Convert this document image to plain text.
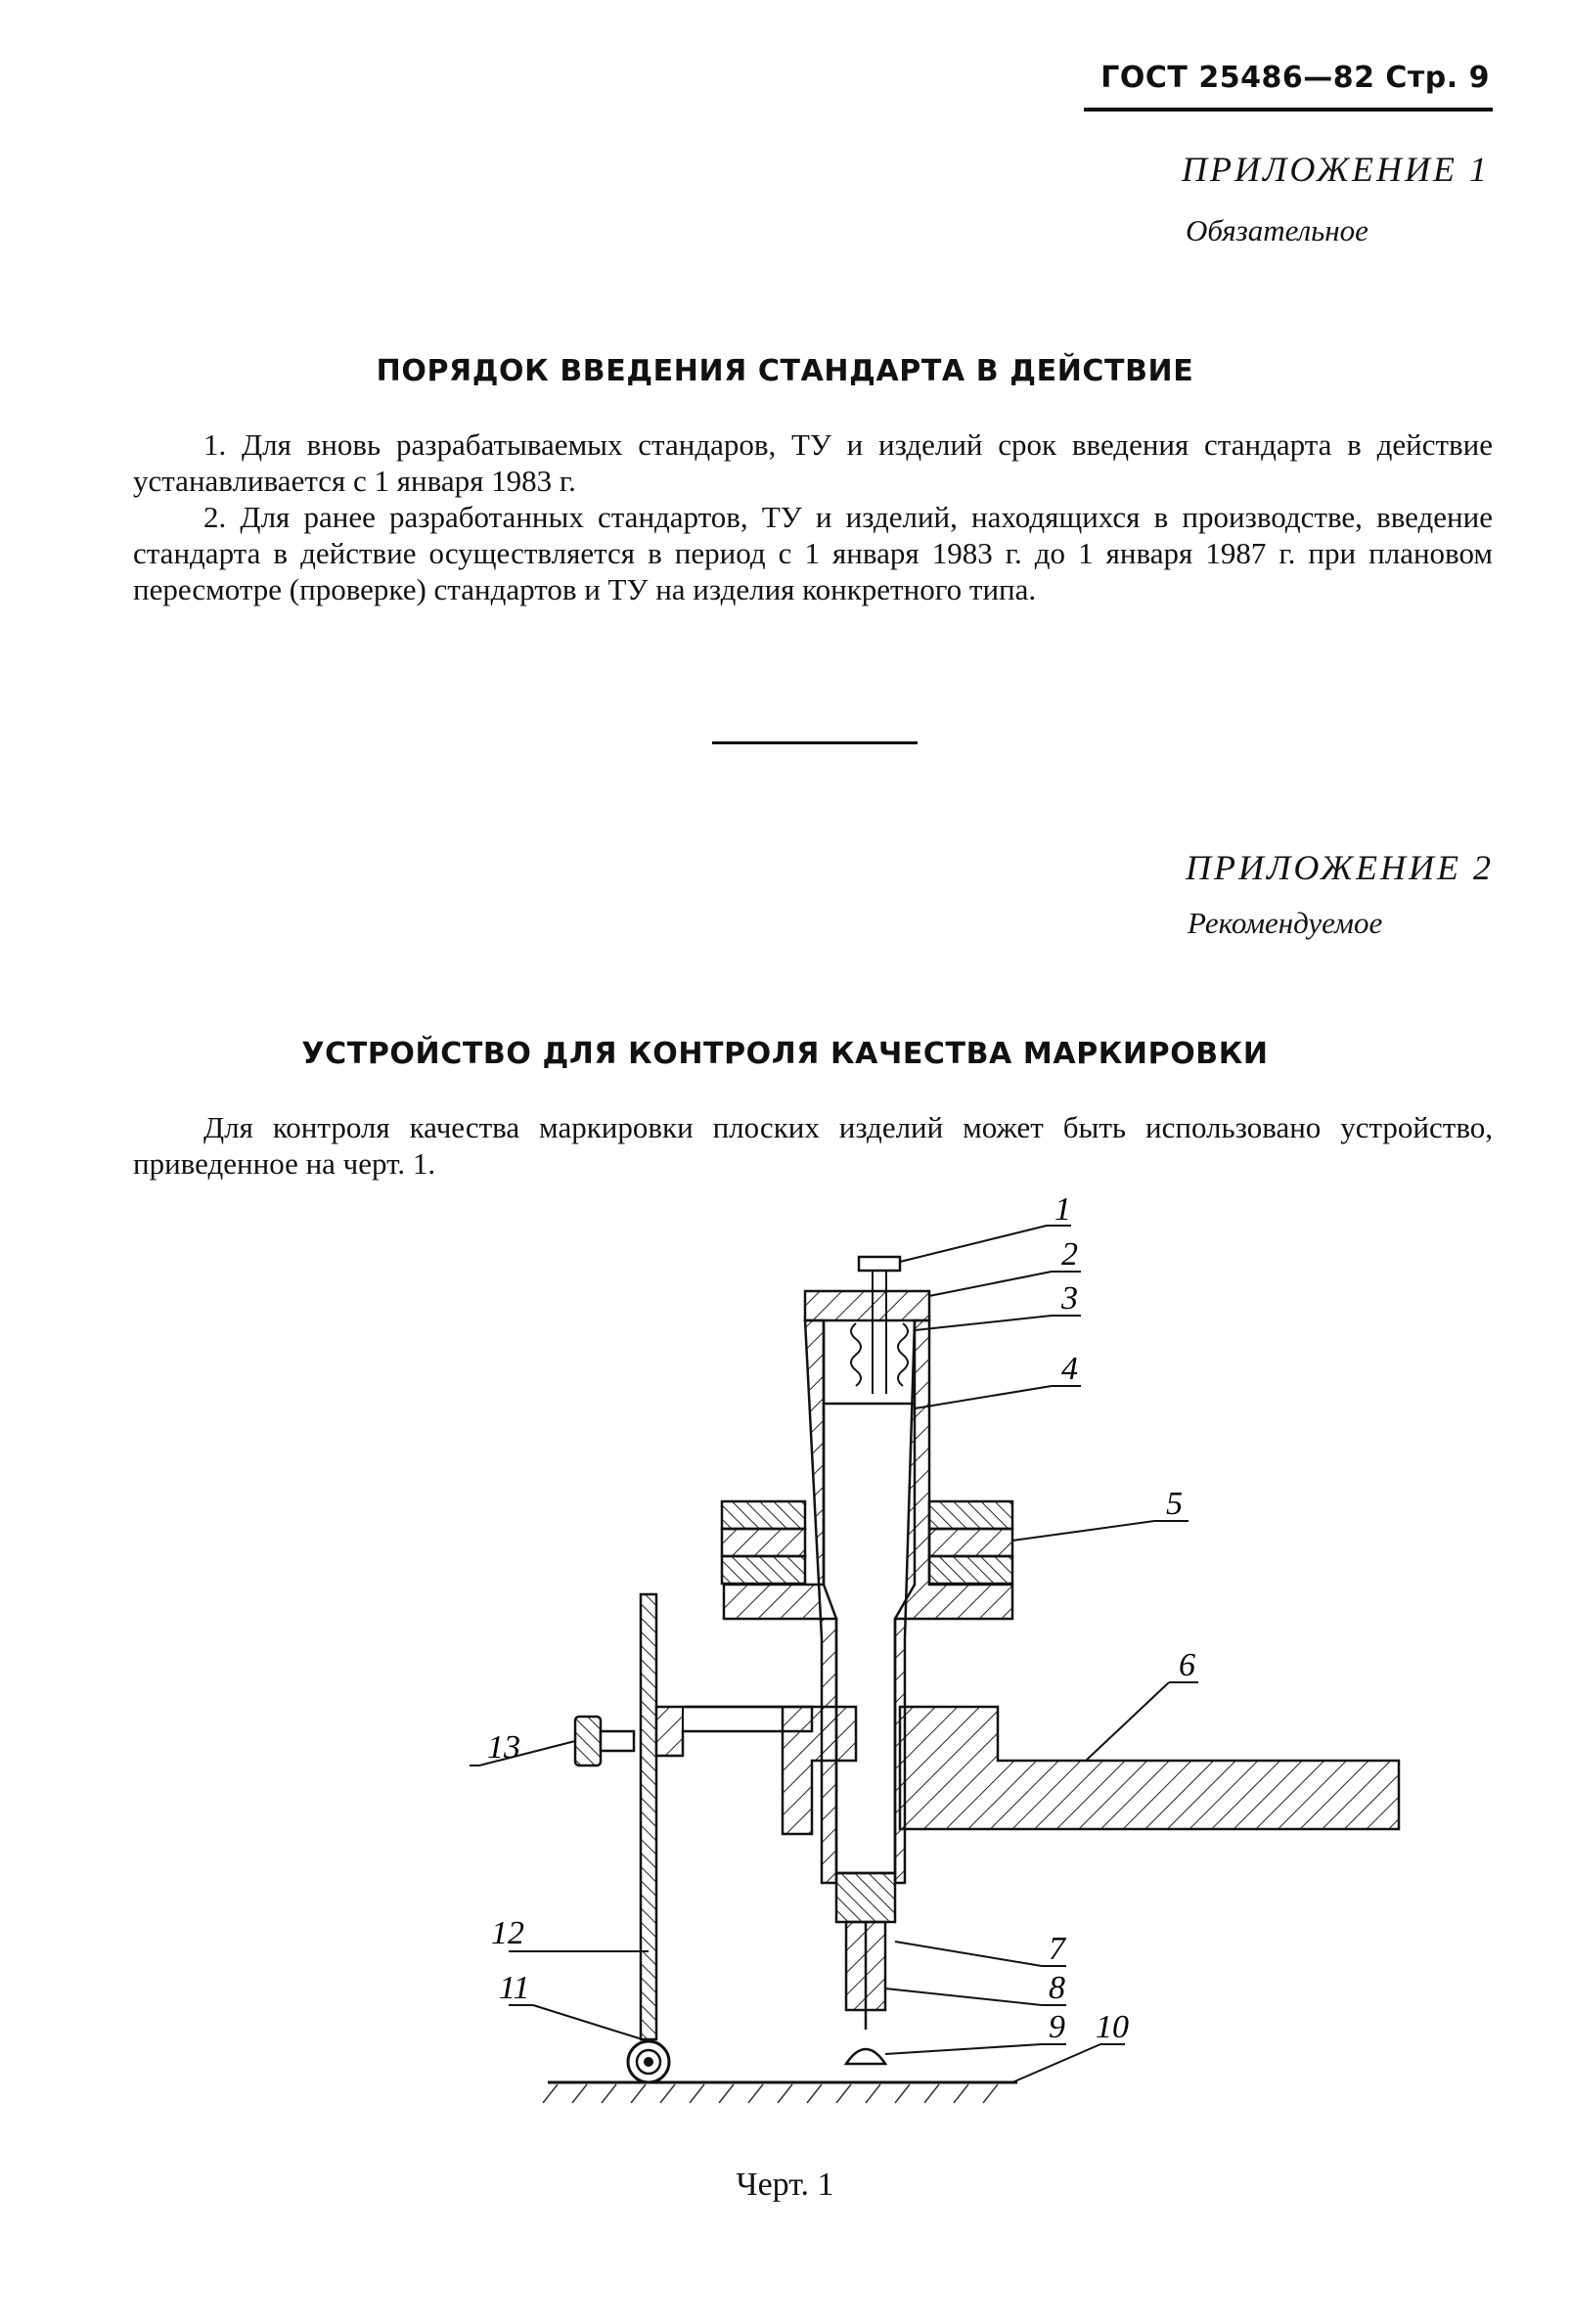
ГОСТ 25486—82 Стр. 9
ПРИЛОЖЕНИЕ 1
Обязательное
ПОРЯДОК ВВЕДЕНИЯ СТАНДАРТА В ДЕЙСТВИЕ

1. Для вновь разрабатываемых стандаров, ТУ и изделий срок введения стандарта в действие устанавливается с 1 января 1983 г.

2. Для ранее разработанных стандартов, ТУ и изделий, находящихся в производстве, введение стандарта в действие осуществляется в период с 1 января 1983 г. до 1 января 1987 г. при плановом пересмотре (проверке) стандартов и ТУ на изделия конкретного типа.

ПРИЛОЖЕНИЕ 2
Рекомендуемое
УСТРОЙСТВО ДЛЯ КОНТРОЛЯ КАЧЕСТВА МАРКИРОВКИ

Для контроля качества маркировки плоских изделий может быть использовано устройство, приведенное на черт. 1.

1
2
3
4
5
6
7
8
9 10
11
12
13
Черт. 1
